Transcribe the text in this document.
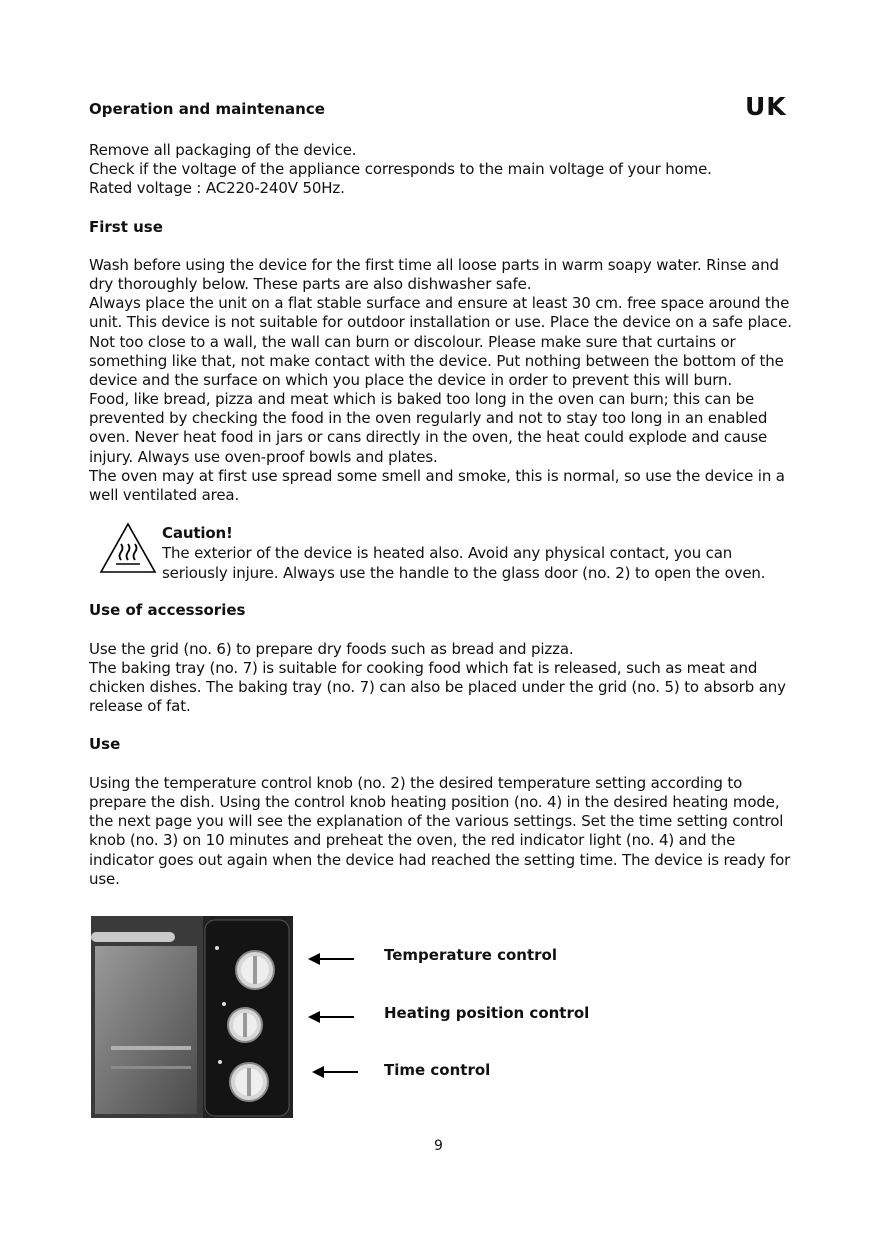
Operation and maintenance	UK
Remove all packaging of the device.
Check if the voltage of the appliance corresponds to the main voltage of your home.
Rated voltage : AC220-240V 50Hz.
First use
Wash before using the device for the first time all loose parts in warm soapy water. Rinse and
dry thoroughly below. These parts are also dishwasher safe.
Always place the unit on a flat stable surface and ensure at least 30 cm. free space around the
unit. This device is not suitable for outdoor installation or use. Place the device on a safe place.
Not too close to a wall, the wall can burn or discolour. Please make sure that curtains or
something like that, not make contact with the device. Put nothing between the bottom of the
device and the surface on which you place the device in order to prevent this will burn.
Food, like bread, pizza and meat which is baked too long in the oven can burn; this can be
prevented by checking the food in the oven regularly and not to stay too long in an enabled
oven. Never heat food in jars or cans directly in the oven, the heat could explode and cause
injury. Always use oven-proof bowls and plates.
The oven may at first use spread some smell and smoke, this is normal, so use the device in a
well ventilated area.
Caution!
The exterior of the device is heated also. Avoid any physical contact, you can
seriously injure. Always use the handle to the glass door (no. 2) to open the oven.
Use of accessories
Use the grid (no. 6) to prepare dry foods such as bread and pizza.
The baking tray (no. 7) is suitable for cooking food which fat is released, such as meat and
chicken dishes. The baking tray (no. 7) can also be placed under the grid (no. 5) to absorb any
release of fat.
Use
Using the temperature control knob (no. 2) the desired temperature setting according to
prepare the dish. Using the control knob heating position (no. 4) in the desired heating mode,
the next page you will see the explanation of the various settings. Set the time setting control
knob (no. 3) on 10 minutes and preheat the oven, the red indicator light (no. 4) and the
indicator goes out again when the device had reached the setting time. The device is ready for
use.
Temperature control
Heating position control
Time control
9
